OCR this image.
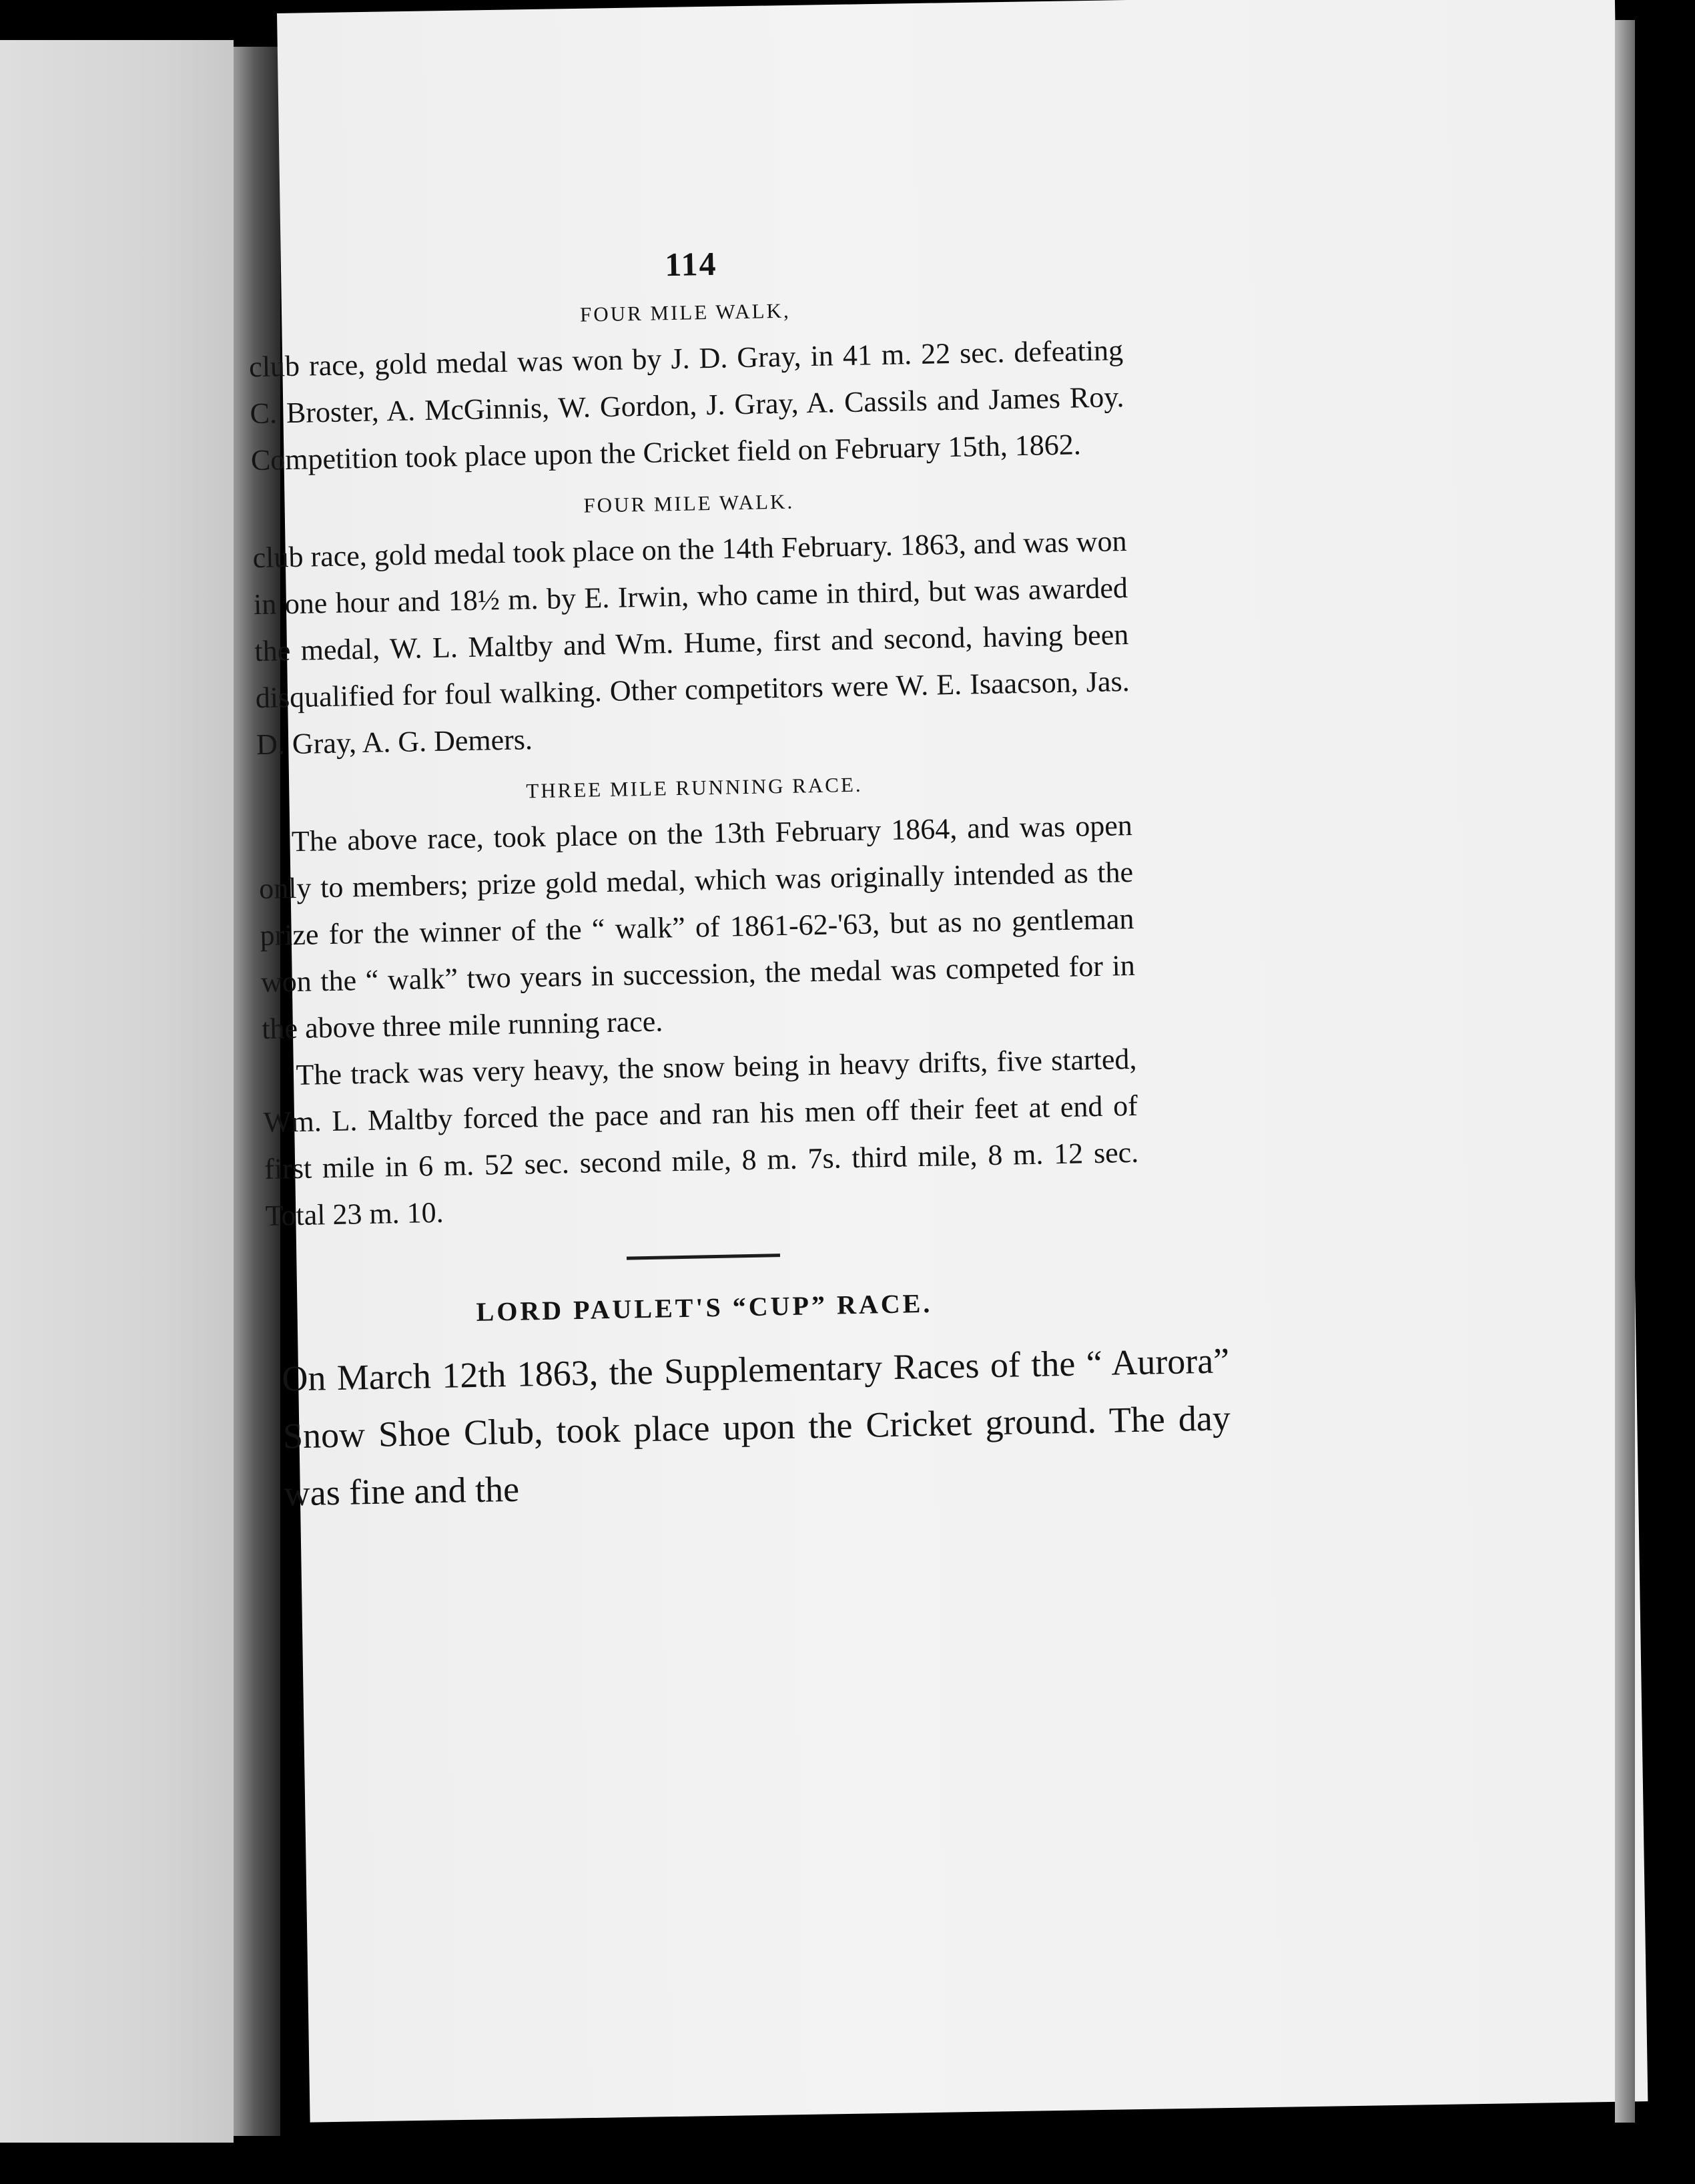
114
FOUR MILE WALK,

club race, gold medal was won by J. D. Gray, in 41 m. 22 sec. defeating C. Broster, A. McGinnis, W. Gordon, J. Gray, A. Cassils and James Roy. Competition took place upon the Cricket field on February 15th, 1862.

FOUR MILE WALK.

club race, gold medal took place on the 14th February. 1863, and was won in one hour and 18½ m. by E. Irwin, who came in third, but was awarded the medal, W. L. Maltby and Wm. Hume, first and second, having been disqualified for foul walking. Other competitors were W. E. Isaacson, Jas. D. Gray, A. G. Demers.

THREE MILE RUNNING RACE.

The above race, took place on the 13th February 1864, and was open only to members; prize gold medal, which was originally intended as the prize for the winner of the “ walk” of 1861-62-'63, but as no gentleman won the “ walk” two years in succession, the medal was competed for in the above three mile running race.

The track was very heavy, the snow being in heavy drifts, five started, Wm. L. Maltby forced the pace and ran his men off their feet at end of first mile in 6 m. 52 sec. second mile, 8 m. 7s. third mile, 8 m. 12 sec. Total 23 m. 10.

LORD PAULET'S “CUP” RACE.

On March 12th 1863, the Supplementary Races of the “ Aurora” Snow Shoe Club, took place upon the Cricket ground. The day was fine and the
